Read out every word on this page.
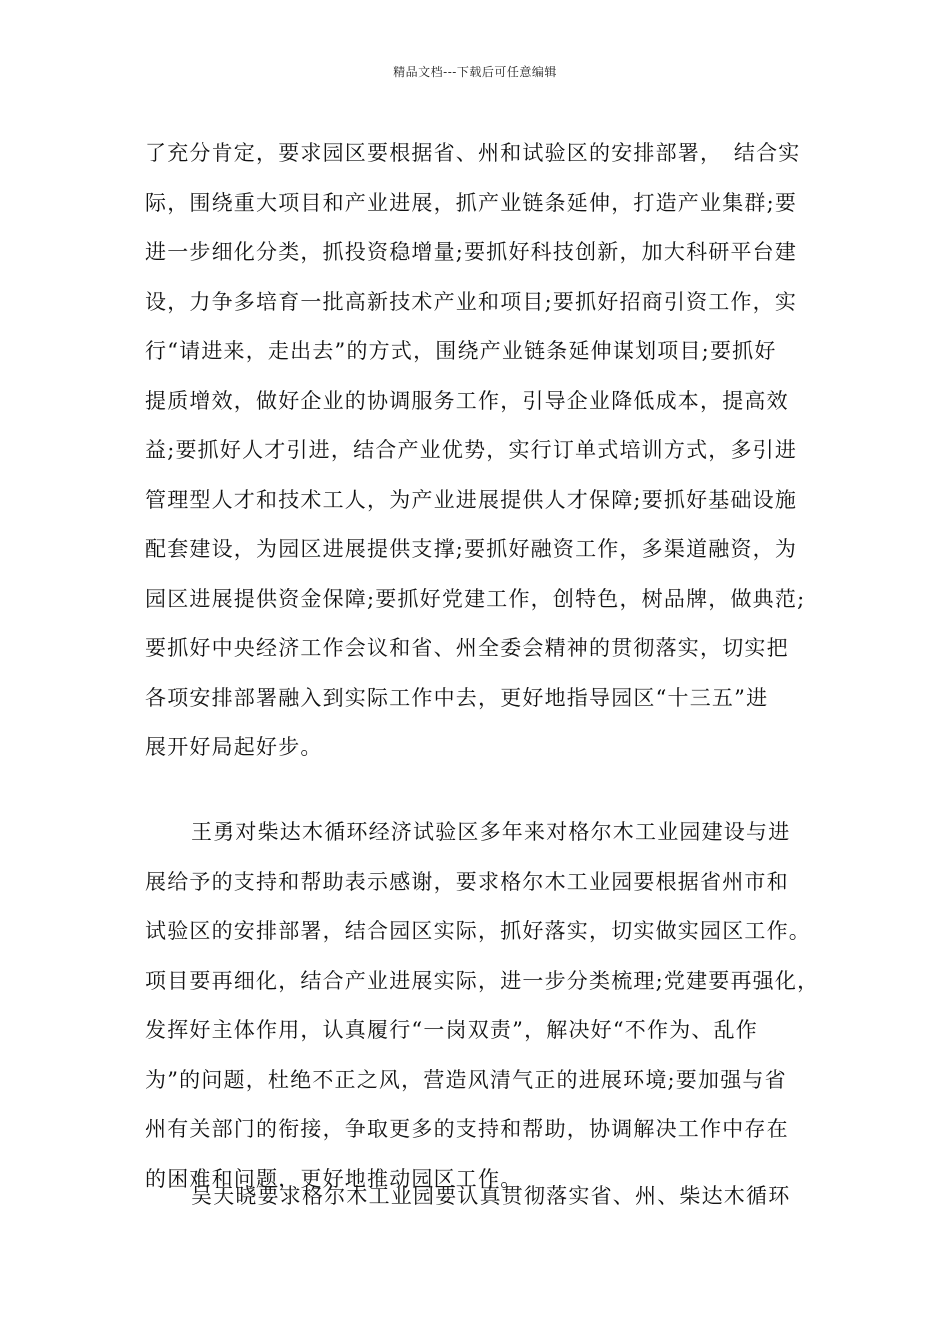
精品文档---下载后可任意编辑

了充分肯定，要求园区要根据省、州和试验区的安排部署，　结合实
际，围绕重大项目和产业进展，抓产业链条延伸，打造产业集群;要
进一步细化分类，抓投资稳增量;要抓好科技创新，加大科研平台建
设，力争多培育一批高新技术产业和项目;要抓好招商引资工作，实
行“请进来，走出去”的方式，围绕产业链条延伸谋划项目;要抓好
提质增效，做好企业的协调服务工作，引导企业降低成本，提高效
益;要抓好人才引进，结合产业优势，实行订单式培训方式，多引进
管理型人才和技术工人，为产业进展提供人才保障;要抓好基础设施
配套建设，为园区进展提供支撑;要抓好融资工作，多渠道融资，为
园区进展提供资金保障;要抓好党建工作，创特色，树品牌，做典范;
要抓好中央经济工作会议和省、州全委会精神的贯彻落实，切实把
各项安排部署融入到实际工作中去，更好地指导园区“十三五”进
展开好局起好步。

王勇对柴达木循环经济试验区多年来对格尔木工业园建设与进
展给予的支持和帮助表示感谢，要求格尔木工业园要根据省州市和
试验区的安排部署，结合园区实际，抓好落实，切实做实园区工作。
项目要再细化，结合产业进展实际，进一步分类梳理;党建要再强化，
发挥好主体作用，认真履行“一岗双责”，解决好“不作为、乱作
为”的问题，杜绝不正之风，营造风清气正的进展环境;要加强与省
州有关部门的衔接，争取更多的支持和帮助，协调解决工作中存在
的困难和问题，更好地推动园区工作。

吴天晓要求格尔木工业园要认真贯彻落实省、州、柴达木循环
